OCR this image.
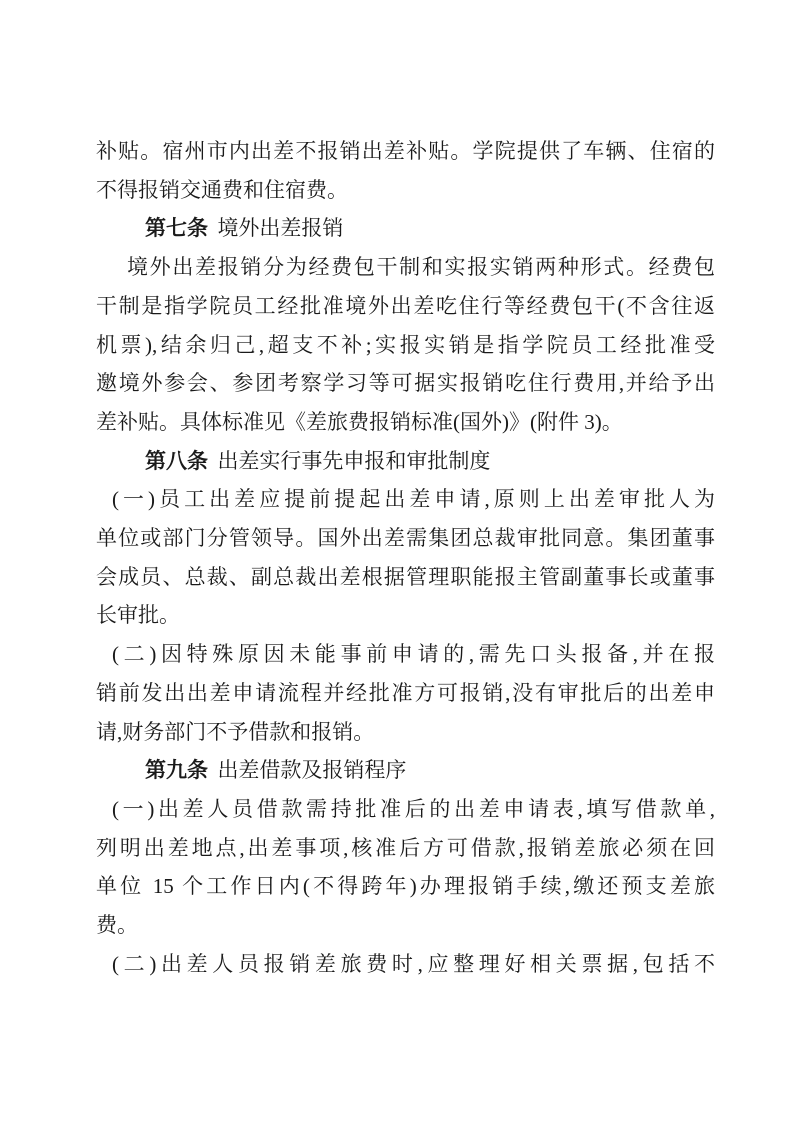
补贴。宿州市内出差不报销出差补贴。学院提供了车辆、住宿的
不得报销交通费和住宿费。
第七条 境外出差报销
境外出差报销分为经费包干制和实报实销两种形式。经费包
干制是指学院员工经批准境外出差吃住行等经费包干(不含往返
机票),结余归己,超支不补;实报实销是指学院员工经批准受
邀境外参会、参团考察学习等可据实报销吃住行费用,并给予出
差补贴。具体标准见《差旅费报销标准(国外)》(附件 3)。
第八条 出差实行事先申报和审批制度
(一)员工出差应提前提起出差申请,原则上出差审批人为
单位或部门分管领导。国外出差需集团总裁审批同意。集团董事
会成员、总裁、副总裁出差根据管理职能报主管副董事长或董事
长审批。
(二)因特殊原因未能事前申请的,需先口头报备,并在报
销前发出出差申请流程并经批准方可报销,没有审批后的出差申
请,财务部门不予借款和报销。
第九条 出差借款及报销程序
(一)出差人员借款需持批准后的出差申请表,填写借款单,
列明出差地点,出差事项,核准后方可借款,报销差旅必须在回
单位 15 个工作日内(不得跨年)办理报销手续,缴还预支差旅
费。
(二)出差人员报销差旅费时,应整理好相关票据,包括不
